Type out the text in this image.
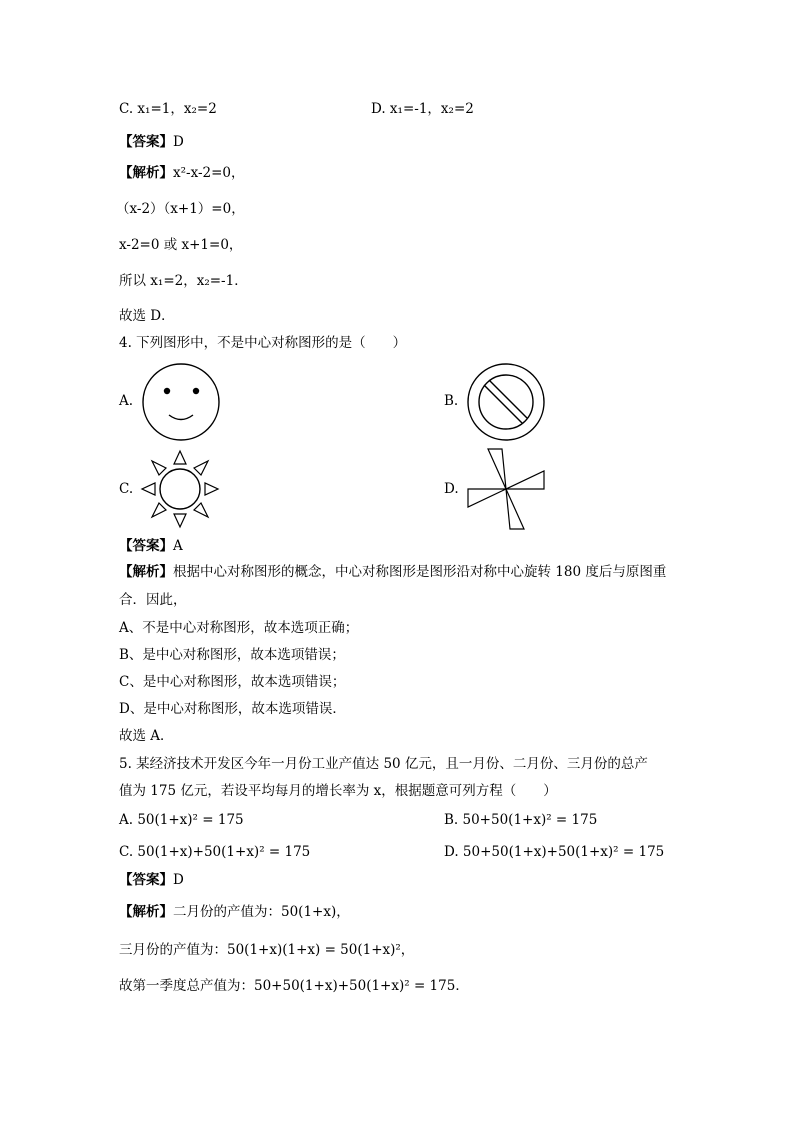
C. x₁=1，x₂=2	D. x₁=-1，x₂=2
【答案】D
【解析】x²-x-2=0，
（x-2）（x+1）=0，
x-2=0 或 x+1=0，
所以 x₁=2，x₂=-1．
故选 D．
4. 下列图形中，不是中心对称图形的是（　　）
A.	B.
C.	D.
【答案】A
【解析】根据中心对称图形的概念，中心对称图形是图形沿对称中心旋转 180 度后与原图重
合．因此，
A、不是中心对称图形，故本选项正确；
B、是中心对称图形，故本选项错误；
C、是中心对称图形，故本选项错误；
D、是中心对称图形，故本选项错误．
故选 A．
5. 某经济技术开发区今年一月份工业产值达 50 亿元，且一月份、二月份、三月份的总产
值为 175 亿元，若设平均每月的增长率为 x，根据题意可列方程（　　）
A. 50(1+x)² = 175	B. 50+50(1+x)² = 175
C. 50(1+x)+50(1+x)² = 175	D. 50+50(1+x)+50(1+x)² = 175
【答案】D
【解析】二月份的产值为：50(1+x)，
三月份的产值为：50(1+x)(1+x) = 50(1+x)²，
故第一季度总产值为：50+50(1+x)+50(1+x)² = 175．
